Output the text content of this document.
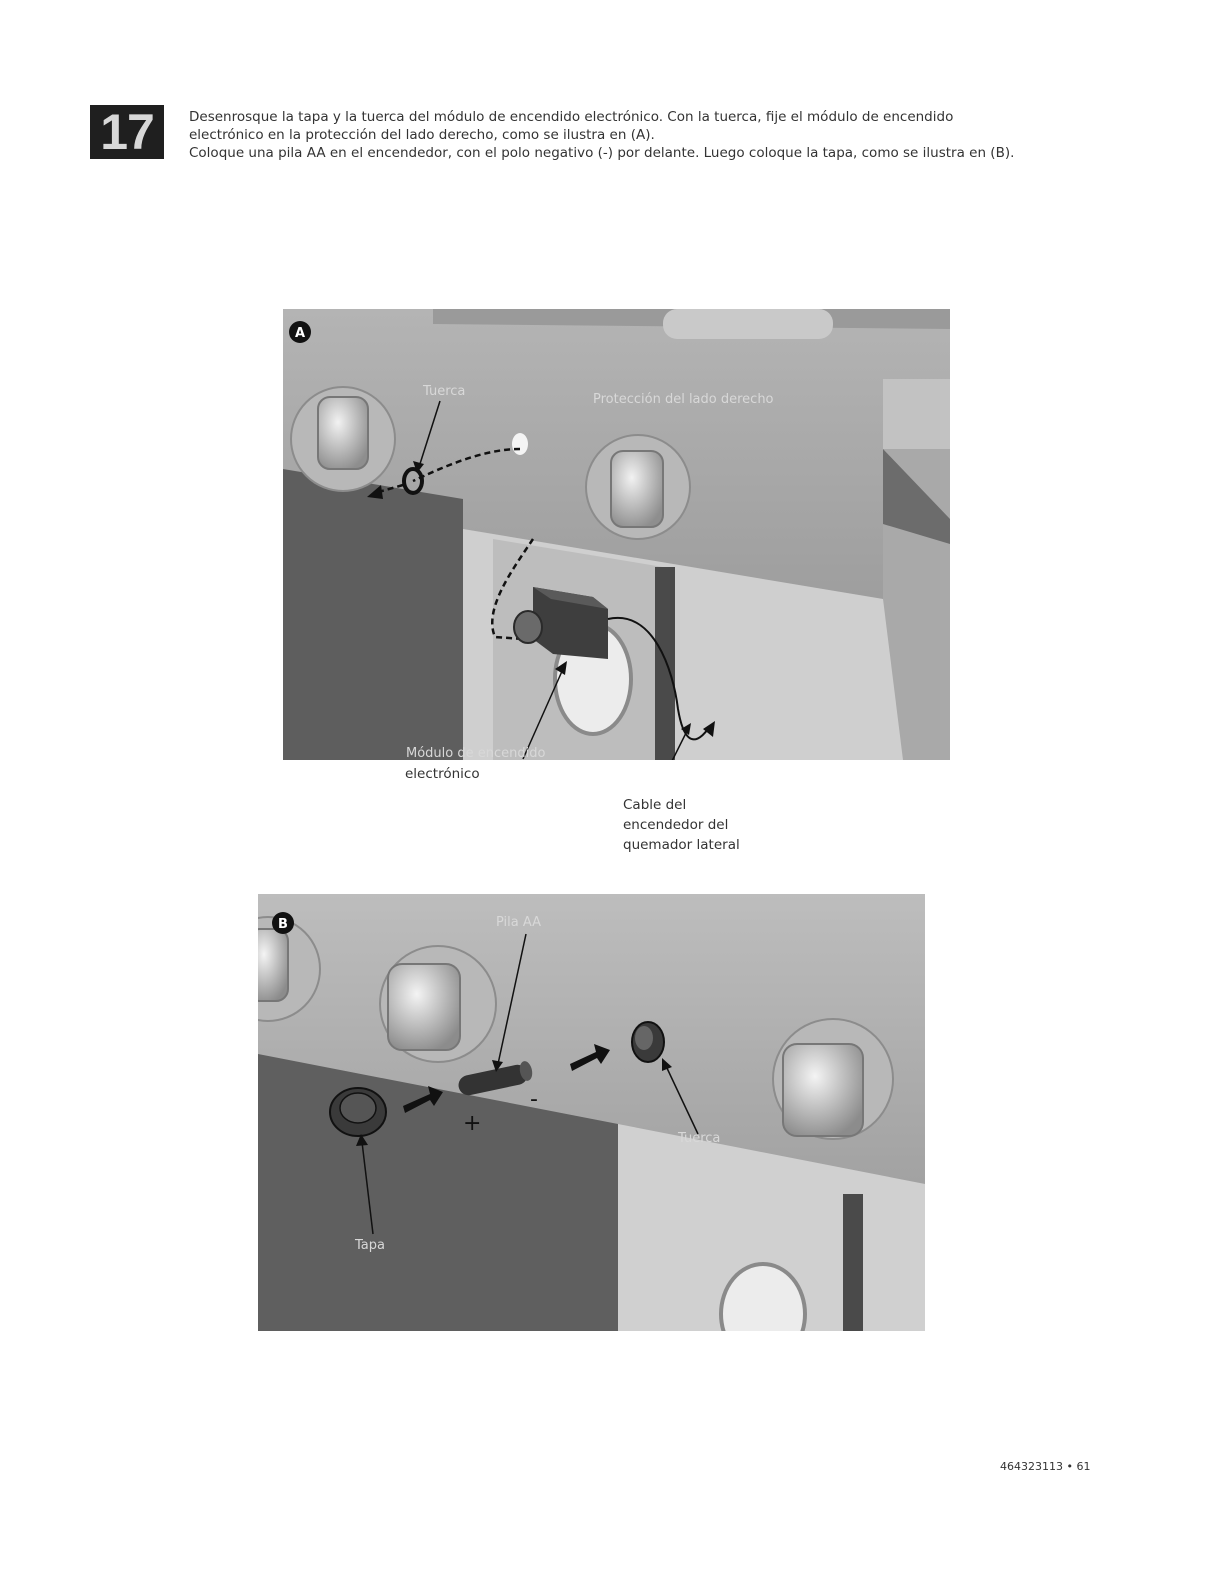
17	Desenrosque la tapa y la tuerca del módulo de encendido electrónico. Con la tuerca, fije el módulo de encendido

electrónico en la protección del lado derecho, como se ilustra en (A).

Coloque una pila AA en el encendedor, con el polo negativo (-) por delante. Luego coloque la tapa, como se ilustra en (B).

A
Tuerca
Protección del lado derecho
Módulo de encendido
electrónico
Cable del
encendedor del
quemador lateral
B	Pila AA
Tuerca
Tapa
+
-
464323113 • 61
